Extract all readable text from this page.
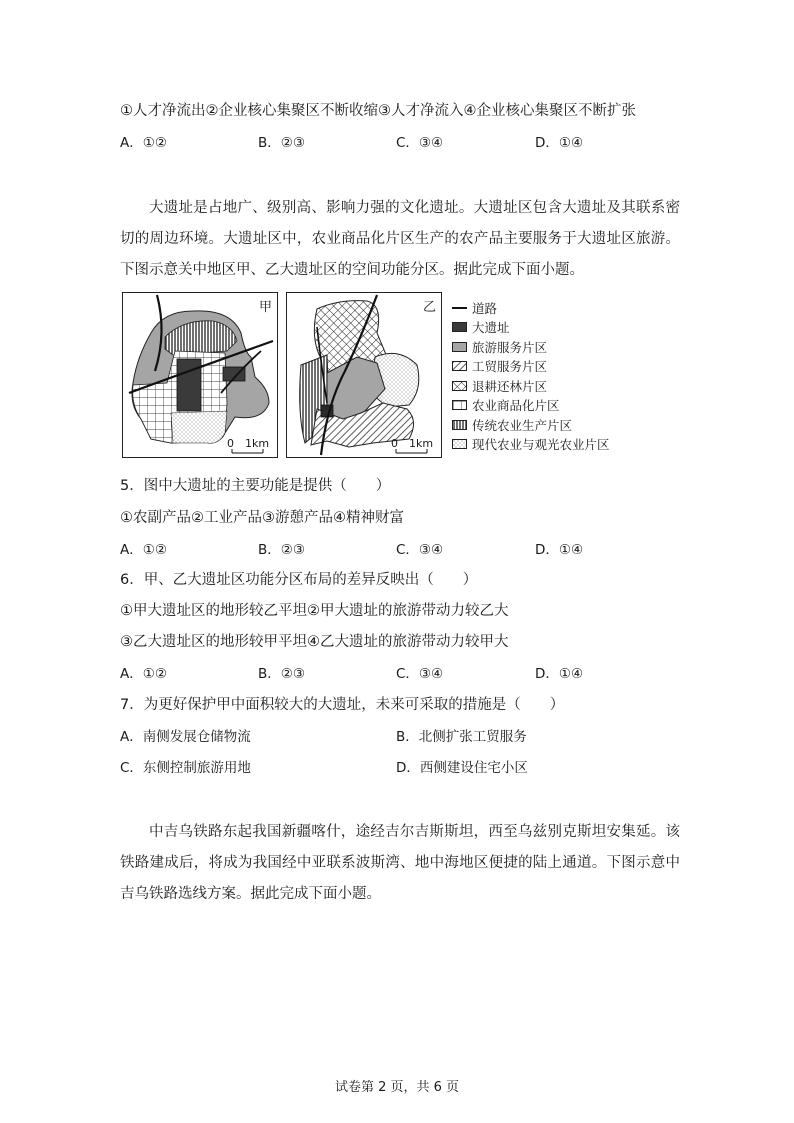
①人才净流出②企业核心集聚区不断收缩③人才净流入④企业核心集聚区不断扩张
A．①②	B．②③	C．③④	D．①④
大遗址是占地广、级别高、影响力强的文化遗址。大遗址区包含大遗址及其联系密切的周边环境。大遗址区中，农业商品化片区生产的农产品主要服务于大遗址区旅游。下图示意关中地区甲、乙大遗址区的空间功能分区。据此完成下面小题。
甲
0　1km
乙
0　1km
道路
大遗址
旅游服务片区
工贸服务片区
退耕还林片区
农业商品化片区
传统农业生产片区
现代农业与观光农业片区
5．图中大遗址的主要功能是提供（　　）
①农副产品②工业产品③游憩产品④精神财富
A．①②	B．②③	C．③④	D．①④
6．甲、乙大遗址区功能分区布局的差异反映出（　　）
①甲大遗址区的地形较乙平坦②甲大遗址的旅游带动力较乙大
③乙大遗址区的地形较甲平坦④乙大遗址的旅游带动力较甲大
A．①②	B．②③	C．③④	D．①④
7．为更好保护甲中面积较大的大遗址，未来可采取的措施是（　　）
A．南侧发展仓储物流	B．北侧扩张工贸服务
C．东侧控制旅游用地	D．西侧建设住宅小区
中吉乌铁路东起我国新疆喀什，途经吉尔吉斯斯坦，西至乌兹别克斯坦安集延。该铁路建成后，将成为我国经中亚联系波斯湾、地中海地区便捷的陆上通道。下图示意中吉乌铁路选线方案。据此完成下面小题。
试卷第 2 页，共 6 页
